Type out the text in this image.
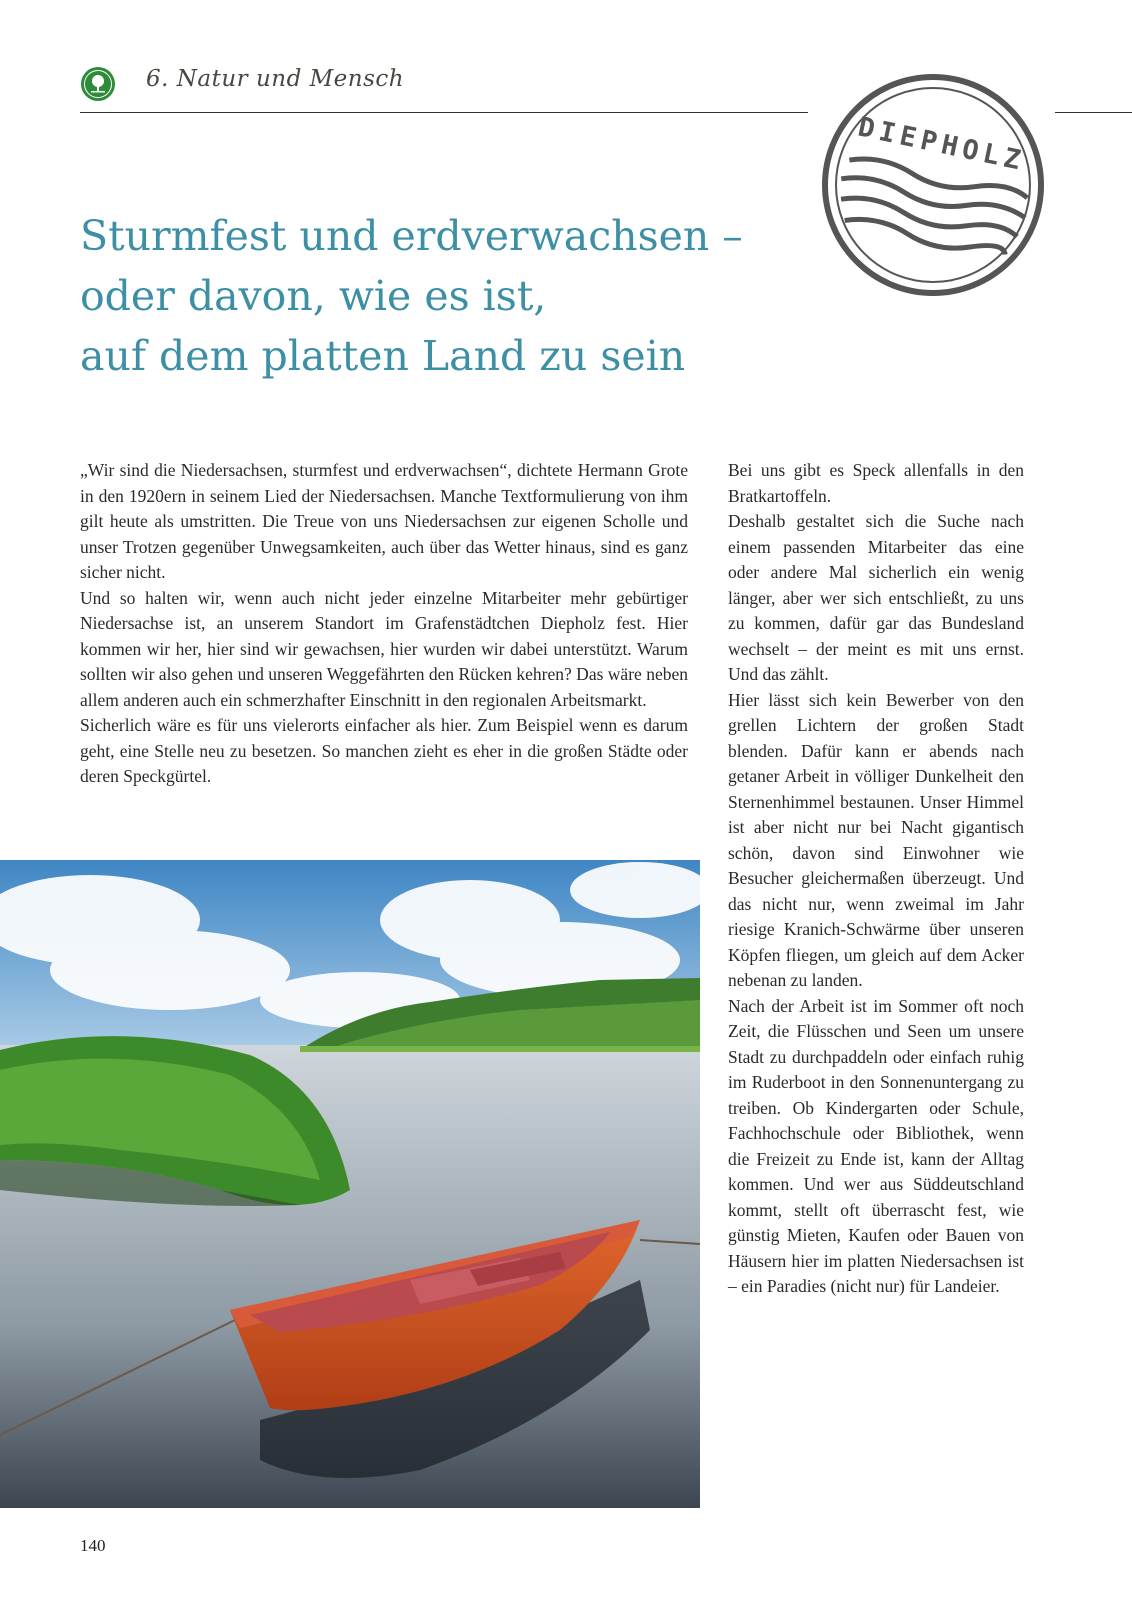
6. Natur und Mensch
DIEPHOLZ
Sturmfest und erdverwachsen –
oder davon, wie es ist,
auf dem platten Land zu sein

„Wir sind die Niedersachsen, sturmfest und erdverwachsen“, dichtete Hermann Grote in den 1920ern in seinem Lied der Niedersachsen. Manche Textformulierung von ihm gilt heute als umstritten. Die Treue von uns Niedersachsen zur eigenen Scholle und unser Trotzen gegenüber Unwegsamkeiten, auch über das Wetter hinaus, sind es ganz sicher nicht.

Und so halten wir, wenn auch nicht jeder einzelne Mitarbeiter mehr gebürtiger Niedersachse ist, an unserem Standort im Grafenstädtchen Diepholz fest. Hier kommen wir her, hier sind wir gewachsen, hier wurden wir dabei unterstützt. Warum sollten wir also gehen und unseren Weggefährten den Rücken kehren? Das wäre neben allem anderen auch ein schmerzhafter Einschnitt in den regionalen Arbeitsmarkt.

Sicherlich wäre es für uns vielerorts einfacher als hier. Zum Beispiel wenn es darum geht, eine Stelle neu zu besetzen. So manchen zieht es eher in die großen Städte oder deren Speckgürtel.

Bei uns gibt es Speck allenfalls in den Bratkartoffeln.

Deshalb gestaltet sich die Suche nach einem passenden Mitarbeiter das eine oder andere Mal sicherlich ein wenig länger, aber wer sich entschließt, zu uns zu kommen, dafür gar das Bundesland wechselt – der meint es mit uns ernst. Und das zählt.

Hier lässt sich kein Bewerber von den grellen Lichtern der großen Stadt blenden. Dafür kann er abends nach getaner Arbeit in völliger Dunkelheit den Sternenhimmel bestaunen. Unser Himmel ist aber nicht nur bei Nacht gigantisch schön, davon sind Einwohner wie Besucher gleichermaßen überzeugt. Und das nicht nur, wenn zweimal im Jahr riesige Kranich-Schwärme über unseren Köpfen fliegen, um gleich auf dem Acker nebenan zu landen.

Nach der Arbeit ist im Sommer oft noch Zeit, die Flüsschen und Seen um unsere Stadt zu durchpaddeln oder einfach ruhig im Ruderboot in den Sonnenuntergang zu treiben. Ob Kindergarten oder Schule, Fachhochschule oder Bibliothek, wenn die Freizeit zu Ende ist, kann der Alltag kommen. Und wer aus Süddeutschland kommt, stellt oft überrascht fest, wie günstig Mieten, Kaufen oder Bauen von Häusern hier im platten Niedersachsen ist – ein Paradies (nicht nur) für Landeier.

140
